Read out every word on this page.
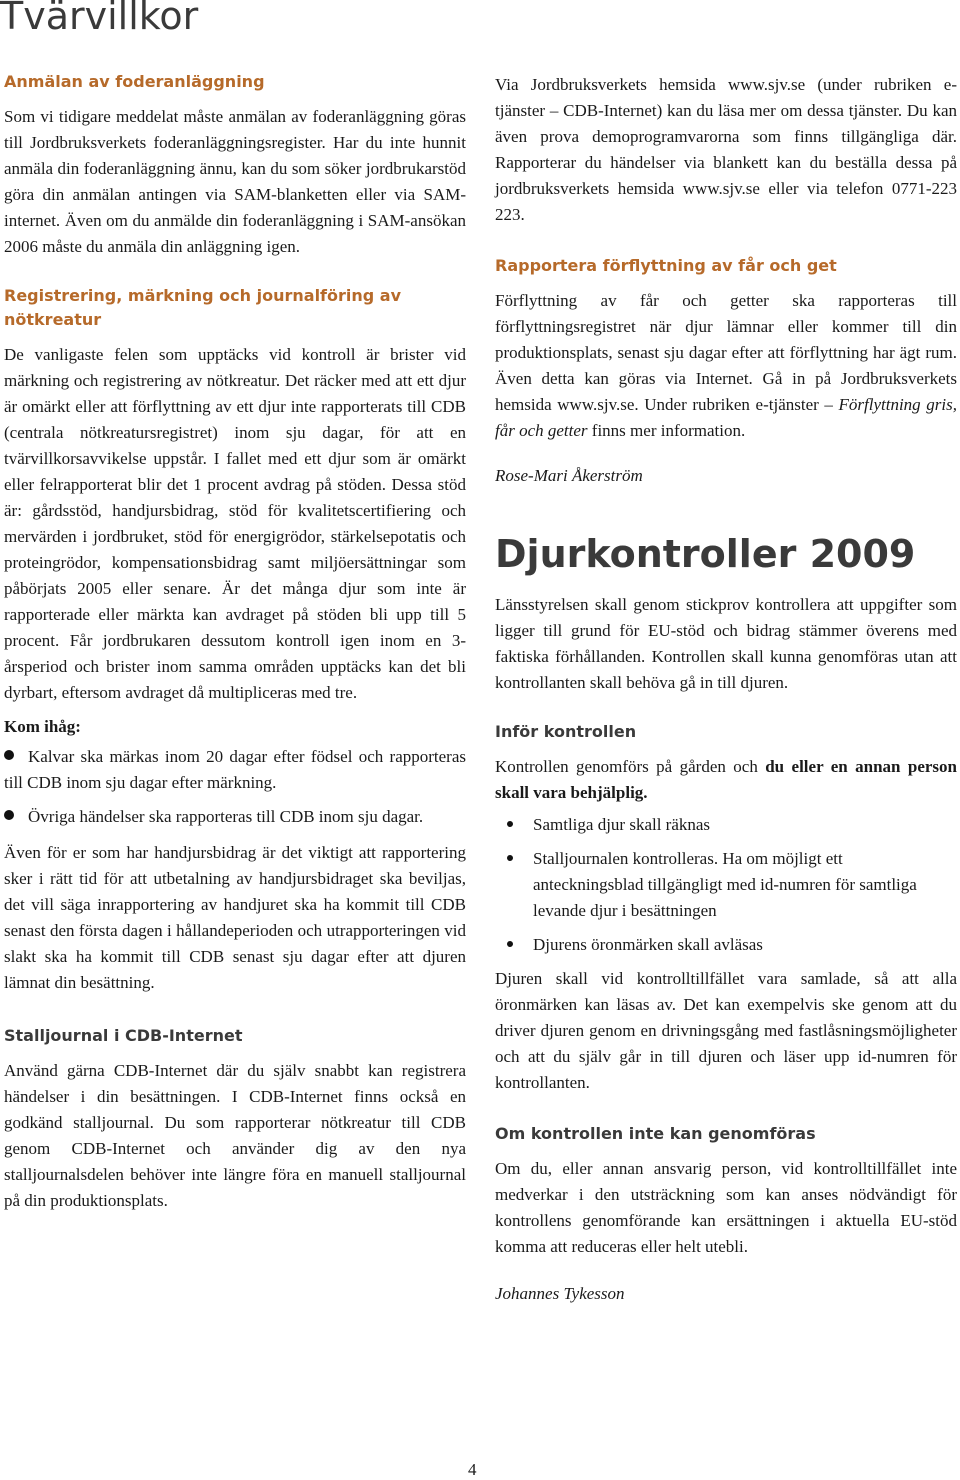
Tvärvillkor
Anmälan av foderanläggning

Som vi tidigare meddelat måste anmälan av foderanläggning göras till Jordbruksverkets foderanläggningsregister. Har du inte hunnit anmäla din foderanläggning ännu, kan du som söker jordbrukarstöd göra din anmälan antingen via SAM-blanketten eller via SAM-internet. Även om du anmälde din foderanläggning i SAM-ansökan 2006 måste du anmäla din anläggning igen.

Registrering, märkning och journalföring av nötkreatur

De vanligaste felen som upptäcks vid kontroll är brister vid märkning och registrering av nötkreatur. Det räcker med att ett djur är omärkt eller att förflyttning av ett djur inte rapporterats till CDB (centrala nötkreatursregistret) inom sju dagar, för att en tvärvillkorsavvikelse uppstår. I fallet med ett djur som är omärkt eller felrapporterat blir det 1 procent avdrag på stöden. Dessa stöd är: gårdsstöd, handjursbidrag, stöd för kvalitetscertifiering och mervärden i jordbruket, stöd för energigrödor, stärkelsepotatis och proteingrödor, kompensationsbidrag samt miljöersättningar som påbörjats 2005 eller senare. Är det många djur som inte är rapporterade eller märkta kan avdraget på stöden bli upp till 5 procent. Får jordbrukaren dessutom kontroll igen inom en 3-årsperiod och brister inom samma områden upptäcks kan det bli dyrbart, eftersom avdraget då multipliceras med tre.

Kom ihåg:
Kalvar ska märkas inom 20 dagar efter födsel och rapporteras till CDB inom sju dagar efter märkning.
Övriga händelser ska rapporteras till CDB inom sju dagar.

Även för er som har handjursbidrag är det viktigt att rapportering sker i rätt tid för att utbetalning av handjursbidraget ska beviljas, det vill säga inrapportering av handjuret ska ha kommit till CDB senast den första dagen i hållandeperioden och utrapporteringen vid slakt ska ha kommit till CDB senast sju dagar efter att djuren lämnat din besättning.

Stalljournal i CDB-Internet

Använd gärna CDB-Internet där du själv snabbt kan registrera händelser i din besättningen. I CDB-Internet finns också en godkänd stalljournal. Du som rapporterar nötkreatur till CDB genom CDB-Internet och använder dig av den nya stalljournalsdelen behöver inte längre föra en manuell stalljournal på din produktionsplats.

Via Jordbruksverkets hemsida www.sjv.se (under rubriken e-tjänster – CDB-Internet) kan du läsa mer om dessa tjänster. Du kan även prova demoprogramvarorna som finns tillgängliga där. Rapporterar du händelser via blankett kan du beställa dessa på jordbruksverkets hemsida www.sjv.se eller via telefon 0771-223 223.

Rapportera förflyttning av får och get

Förflyttning av får och getter ska rapporteras till förflyttningsregistret när djur lämnar eller kommer till din produktionsplats, senast sju dagar efter att förflyttning har ägt rum. Även detta kan göras via Internet. Gå in på Jordbruksverkets hemsida www.sjv.se. Under rubriken e-tjänster – Förflyttning gris, får och getter finns mer information.

Rose-Mari Åkerström
Djurkontroller 2009

Länsstyrelsen skall genom stickprov kontrollera att uppgifter som ligger till grund för EU-stöd och bidrag stämmer överens med faktiska förhållanden. Kontrollen skall kunna genomföras utan att kontrollanten skall behöva gå in till djuren.

Inför kontrollen

Kontrollen genomförs på gården och du eller en annan person skall vara behjälplig.

Samtliga djur skall räknas
Stalljournalen kontrolleras. Ha om möjligt ett anteckningsblad tillgängligt med id-numren för samtliga levande djur i besättningen
Djurens öronmärken skall avläsas

Djuren skall vid kontrolltillfället vara samlade, så att alla öronmärken kan läsas av. Det kan exempelvis ske genom att du driver djuren genom en drivningsgång med fastlåsningsmöjligheter och att du själv går in till djuren och läser upp id-numren för kontrollanten.

Om kontrollen inte kan genomföras

Om du, eller annan ansvarig person, vid kontrolltillfället inte medverkar i den utsträckning som kan anses nödvändigt för kontrollens genomförande kan ersättningen i aktuella EU-stöd komma att reduceras eller helt utebli.

Johannes Tykesson
4
